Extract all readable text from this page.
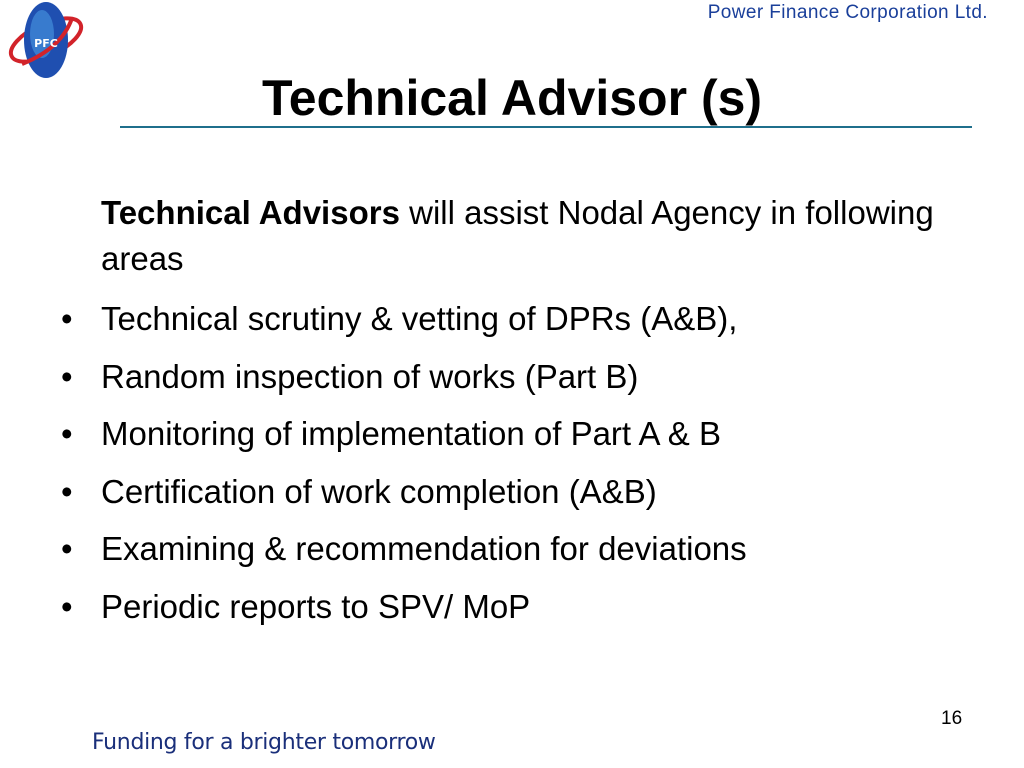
PFC
Power Finance Corporation Ltd.
Technical Advisor (s)
Technical Advisors will assist Nodal Agency in following areas
• Technical scrutiny & vetting of DPRs (A&B),
• Random inspection of works (Part B)
• Monitoring of implementation of Part A & B
• Certification of work completion (A&B)
• Examining & recommendation for deviations
• Periodic reports to SPV/ MoP
16
Funding for a brighter tomorrow
